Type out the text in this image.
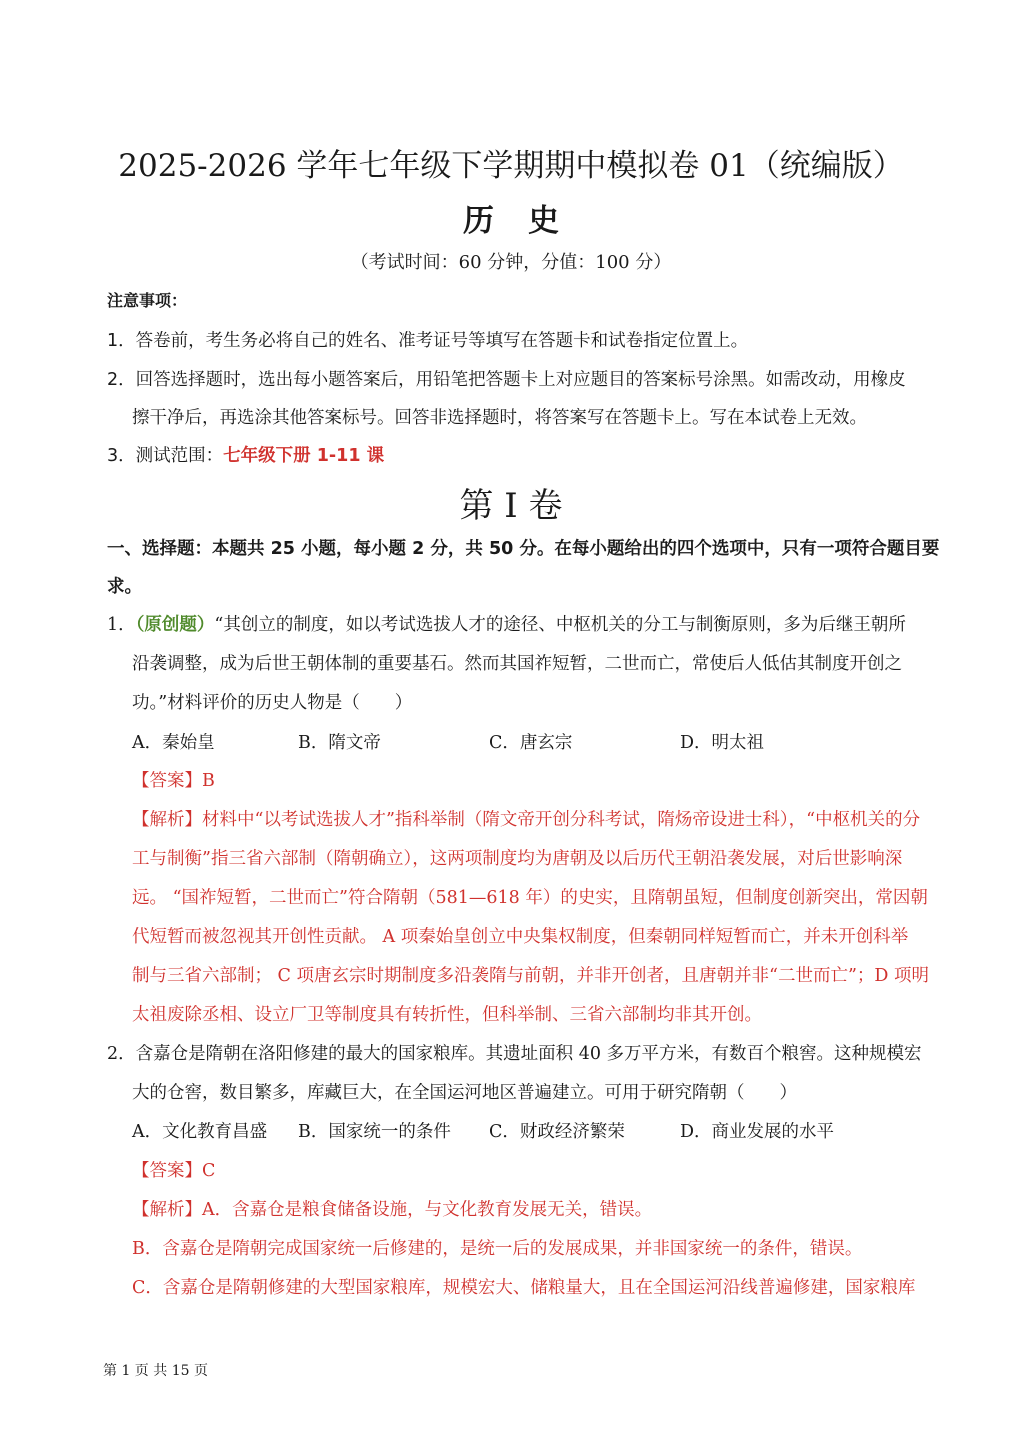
2025-2026 学年七年级下学期期中模拟卷 01（统编版）
历史
（考试时间：60 分钟，分值：100 分）
注意事项：
1．答卷前，考生务必将自己的姓名、准考证号等填写在答题卡和试卷指定位置上。
2．回答选择题时，选出每小题答案后，用铅笔把答题卡上对应题目的答案标号涂黑。如需改动，用橡皮
擦干净后，再选涂其他答案标号。回答非选择题时，将答案写在答题卡上。写在本试卷上无效。
3．测试范围：七年级下册 1-11 课
第 I 卷
一、选择题：本题共 25 小题，每小题 2 分，共 50 分。在每小题给出的四个选项中，只有一项符合题目要
求。
1．（原创题）“其创立的制度，如以考试选拔人才的途径、中枢机关的分工与制衡原则，多为后继王朝所
沿袭调整，成为后世王朝体制的重要基石。然而其国祚短暂，二世而亡，常使后人低估其制度开创之
功。”材料评价的历史人物是（　　）
A．秦始皇	B．隋文帝	C．唐玄宗	D．明太祖
【答案】B
【解析】材料中“以考试选拔人才”指科举制（隋文帝开创分科考试，隋炀帝设进士科），“中枢机关的分
工与制衡”指三省六部制（隋朝确立），这两项制度均为唐朝及以后历代王朝沿袭发展，对后世影响深
远。 “国祚短暂，二世而亡”符合隋朝（581—618 年）的史实，且隋朝虽短，但制度创新突出，常因朝
代短暂而被忽视其开创性贡献。 A 项秦始皇创立中央集权制度，但秦朝同样短暂而亡，并未开创科举
制与三省六部制； C 项唐玄宗时期制度多沿袭隋与前朝，并非开创者，且唐朝并非“二世而亡”；D 项明
太祖废除丞相、设立厂卫等制度具有转折性，但科举制、三省六部制均非其开创。
2．含嘉仓是隋朝在洛阳修建的最大的国家粮库。其遗址面积 40 多万平方米，有数百个粮窖。这种规模宏
大的仓窖，数目繁多，库藏巨大，在全国运河地区普遍建立。可用于研究隋朝（　　）
A．文化教育昌盛 B．国家统一的条件 C．财政经济繁荣	D．商业发展的水平
【答案】C
【解析】A．含嘉仓是粮食储备设施，与文化教育发展无关，错误。
B．含嘉仓是隋朝完成国家统一后修建的，是统一后的发展成果，并非国家统一的条件，错误。
C．含嘉仓是隋朝修建的大型国家粮库，规模宏大、储粮量大，且在全国运河沿线普遍修建，国家粮库
第 1 页 共 15 页
